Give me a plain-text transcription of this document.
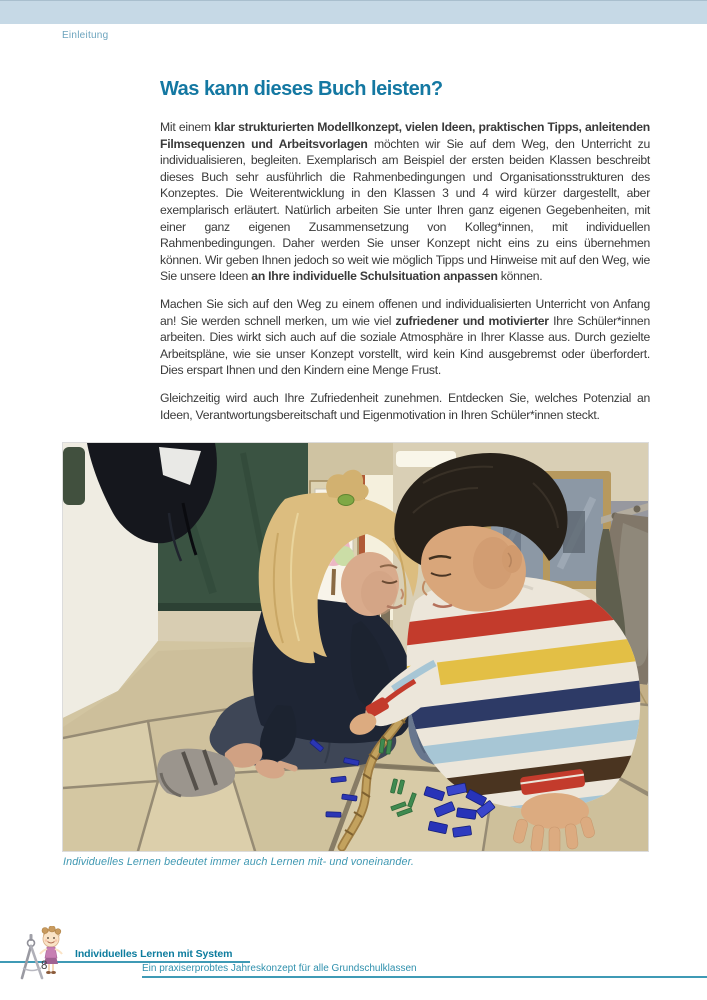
Einleitung
Was kann dieses Buch leisten?

Mit einem klar strukturierten Modellkonzept, vielen Ideen, praktischen Tipps, anleitenden Filmsequenzen und Arbeitsvorlagen möchten wir Sie auf dem Weg, den Unterricht zu individualisieren, begleiten. Exemplarisch am Beispiel der ersten beiden Klassen beschreibt dieses Buch sehr ausführlich die Rahmenbedingungen und Organisationsstrukturen des Konzeptes. Die Weiterentwicklung in den Klassen 3 und 4 wird kürzer dargestellt, aber exemplarisch erläutert. Natürlich arbeiten Sie unter Ihren ganz eigenen Gegebenheiten, mit einer ganz eigenen Zusammensetzung von Kolleg*innen, mit individuellen Rahmenbedingungen. Daher werden Sie unser Konzept nicht eins zu eins übernehmen können. Wir geben Ihnen jedoch so weit wie möglich Tipps und Hinweise mit auf den Weg, wie Sie unsere Ideen an Ihre individuelle Schulsituation anpassen können.

Machen Sie sich auf den Weg zu einem offenen und individualisierten Unterricht von Anfang an! Sie werden schnell merken, um wie viel zufriedener und motivierter Ihre Schüler*innen arbeiten. Dies wirkt sich auch auf die soziale Atmosphäre in Ihrer Klasse aus. Durch gezielte Arbeitspläne, wie sie unser Konzept vorstellt, wird kein Kind ausgebremst oder überfordert. Dies erspart Ihnen und den Kindern eine Menge Frust.

Gleichzeitig wird auch Ihre Zufriedenheit zunehmen. Entdecken Sie, welches Potenzial an Ideen, Verantwortungsbereitschaft und Eigenmotivation in Ihren Schüler*innen steckt.

Individuelles Lernen bedeutet immer auch Lernen mit- und voneinander.
8
Individuelles Lernen mit System
Ein praxiserprobtes Jahreskonzept für alle Grundschulklassen
